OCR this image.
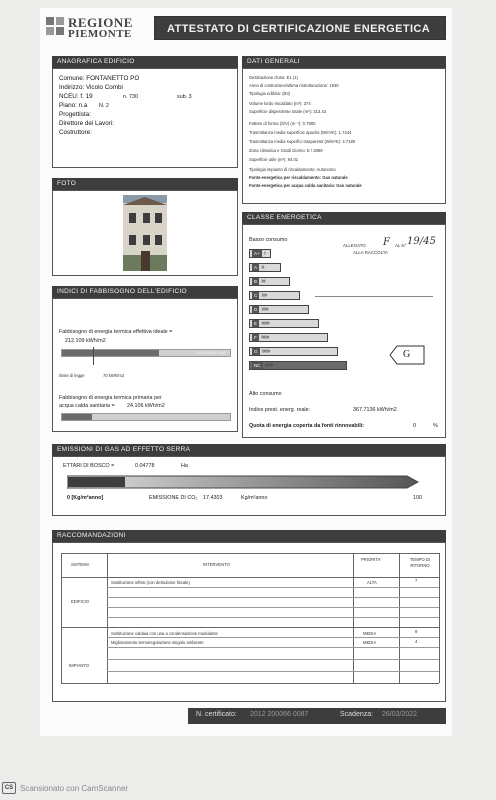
REGIONE
PIEMONTE	ATTESTATO DI CERTIFICAZIONE ENERGETICA
ANAGRAFICA EDIFICIO
Comune: FONTANETTO PO
Indirizzo: Vicolo Combi
NCEU: f. 19	n. 730	sub. 3
Piano: n.a N. 2
Progettista:
Direttore dei Lavori:
Costruttore:
DATI GENERALI
Destinazione d'uso: E1 (1)
Anno di costruzione/ultima ristrutturazione: 1930
Tipologia edilizia: (B3)
Volume lordo riscaldato (m³): 374
Superficie disperdente totale (m²): 313.43
Fattore di forma (S/V) (m⁻¹): 0.7800
Trasmittanza media superficie opache (W/m²K): 1.7244
Trasmittanza media superfici trasparenti (W/m²K): 4.7180
Zona climatica e Gradi Giorno: E / 2869
Superficie utile (m²): 84.01
Tipologia impianto di riscaldamento: Autonomo
Fonte energetica per riscaldamento: Gas naturale
Fonte energetica per acqua calda sanitaria: Gas naturale
FOTO
CLASSE ENERGETICA
Basso consumo
A+ ›
A ››
B ›››
C ››››
D ›››››
E ››››››
F ››››››
G ››››››
NC ››››››
ALLEGATO F AL N° 19/45
ALLA RACCOLTA
G
Alto consumo
Indice prest. energ. reale:	367.7136 kWh/m2
Quota di energia coperta da fonti rinnovabili:	0	%
INDICI DI FABBISOGNO DELL'EDIFICIO
Fabbisogno di energia termica effettiva ideale =
212.109 kWh/m2
Condizioni reali
limite di legge	70 kWh/m2
Fabbisogno di energia termica primaria per
acqua calda sanitaria = 24.106 kWh/m2
EMISSIONI DI GAS AD EFFETTO SERRA
ETTARI DI BOSCO =	0.04778	Ha
0 [Kg/m²anno]	EMISSIONE DI CO₂ 17.4303	Kg/m²anno	100
RACCOMANDAZIONI
SISTEMA	INTERVENTO
PRIORITA'	TEMPO DI RITORNO
EDIFICIO
Sostituzione infissi (con detrazione fiscale)	ALTA	7
IMPIANTO
Sostituzione caldaia con una a condensazione modulante	MEDIA	9
Miglioramento termoregolazione singolo ambiente	MEDIA	4
N. certificato: 2012 200066 0087	Scadenza: 26/03/2022
CS Scansionato con CamScanner
